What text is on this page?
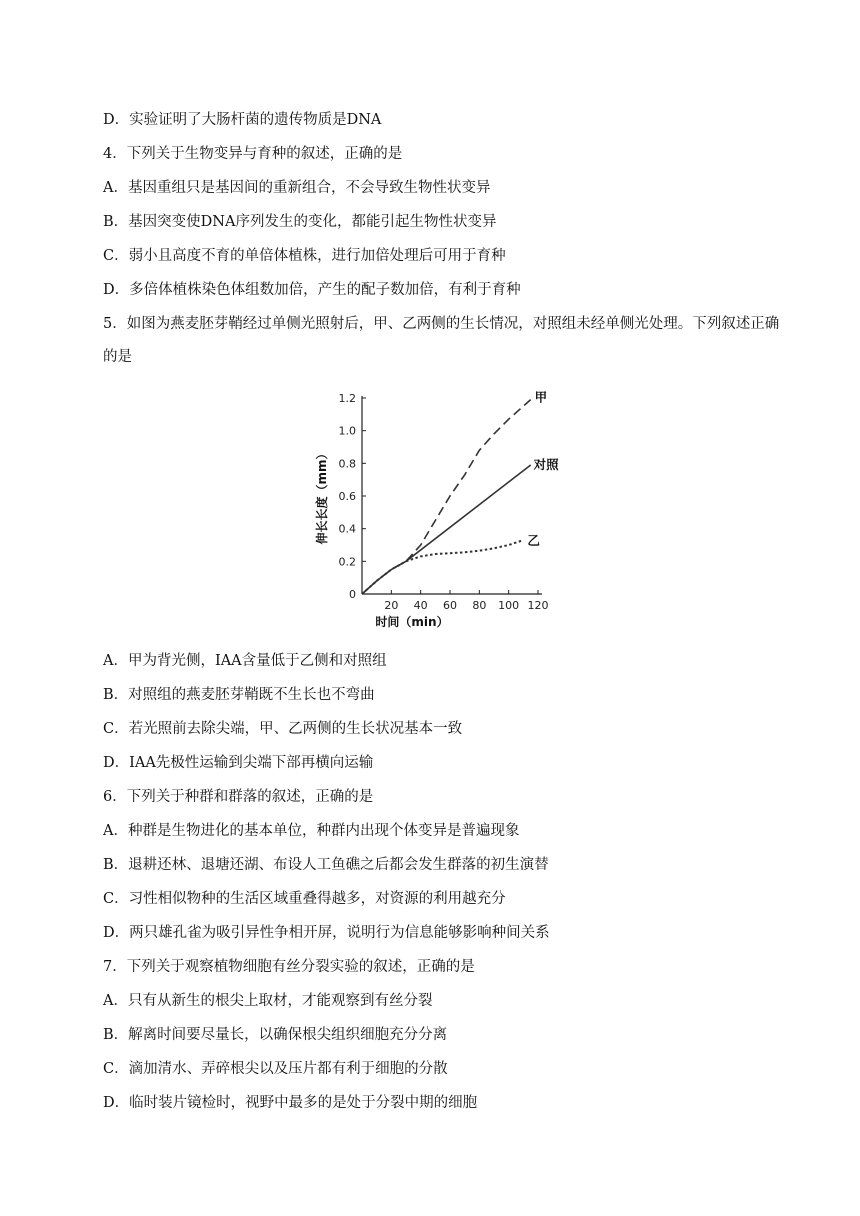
D．实验证明了大肠杆菌的遗传物质是DNA
4．下列关于生物变异与育种的叙述，正确的是
A．基因重组只是基因间的重新组合，不会导致生物性状变异
B．基因突变使DNA序列发生的变化，都能引起生物性状变异
C．弱小且高度不育的单倍体植株，进行加倍处理后可用于育种
D．多倍体植株染色体组数加倍，产生的配子数加倍，有利于育种
5．如图为燕麦胚芽鞘经过单侧光照射后，甲、乙两侧的生长情况，对照组未经单侧光处理。下列叙述正确
的是
0
0.2
0.4
0.6
0.8
1.0
1.2
20 40 60 80 100 120
时间（min）
伸长长度（mm）
甲
对照
乙
A．甲为背光侧，IAA含量低于乙侧和对照组
B．对照组的燕麦胚芽鞘既不生长也不弯曲
C．若光照前去除尖端，甲、乙两侧的生长状况基本一致
D．IAA先极性运输到尖端下部再横向运输
6．下列关于种群和群落的叙述，正确的是
A．种群是生物进化的基本单位，种群内出现个体变异是普遍现象
B．退耕还林、退塘还湖、布设人工鱼礁之后都会发生群落的初生演替
C．习性相似物种的生活区域重叠得越多，对资源的利用越充分
D．两只雄孔雀为吸引异性争相开屏，说明行为信息能够影响种间关系
7．下列关于观察植物细胞有丝分裂实验的叙述，正确的是
A．只有从新生的根尖上取材，才能观察到有丝分裂
B．解离时间要尽量长，以确保根尖组织细胞充分分离
C．滴加清水、弄碎根尖以及压片都有利于细胞的分散
D．临时装片镜检时，视野中最多的是处于分裂中期的细胞
